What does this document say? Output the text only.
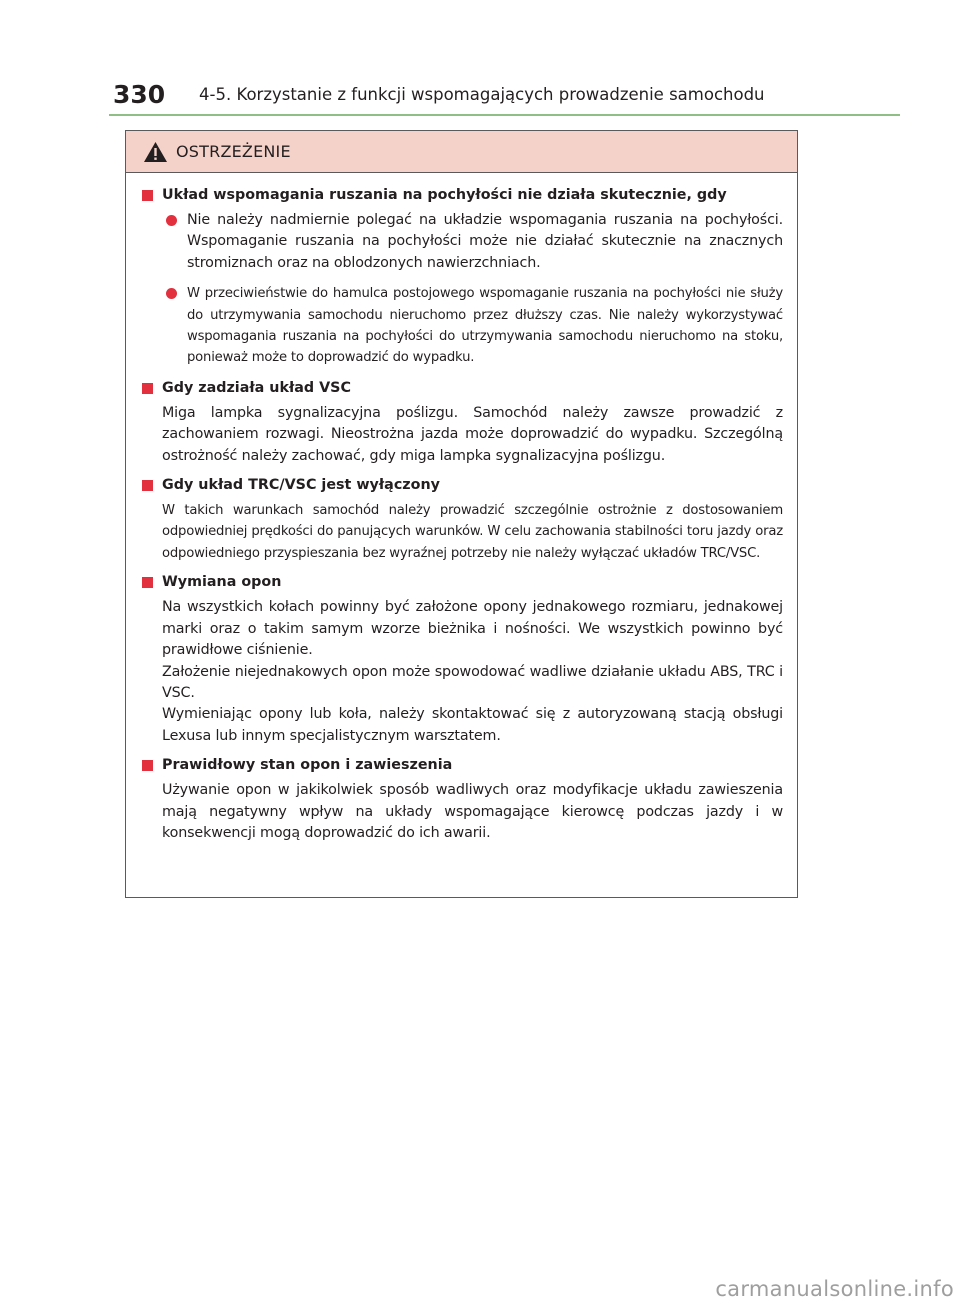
330 4-5. Korzystanie z funkcji wspomagających prowadzenie samochodu
OSTRZEŻENIE
Układ wspomagania ruszania na pochyłości nie działa skutecznie, gdy
Nie należy nadmiernie polegać na układzie wspomagania ruszania na pochyłości. Wspomaganie ruszania na pochyłości może nie działać skutecznie na znacznych stromiznach oraz na oblodzonych nawierzchniach.
W przeciwieństwie do hamulca postojowego wspomaganie ruszania na pochyłości nie służy do utrzymywania samochodu nieruchomo przez dłuższy czas. Nie należy wykorzystywać wspomagania ruszania na pochyłości do utrzymywania samochodu nieruchomo na stoku, ponieważ może to doprowadzić do wypadku.
Gdy zadziała układ VSC
Miga lampka sygnalizacyjna poślizgu. Samochód należy zawsze prowadzić z zachowaniem rozwagi. Nieostrożna jazda może doprowadzić do wypadku. Szczególną ostrożność należy zachować, gdy miga lampka sygnalizacyjna poślizgu.
Gdy układ TRC/VSC jest wyłączony
W takich warunkach samochód należy prowadzić szczególnie ostrożnie z dostosowaniem odpowiedniej prędkości do panujących warunków. W celu zachowania stabilności toru jazdy oraz odpowiedniego przyspieszania bez wyraźnej potrzeby nie należy wyłączać układów TRC/VSC.
Wymiana opon
Na wszystkich kołach powinny być założone opony jednakowego rozmiaru, jednakowej marki oraz o takim samym wzorze bieżnika i nośności. We wszystkich powinno być prawidłowe ciśnienie.
Założenie niejednakowych opon może spowodować wadliwe działanie układu ABS, TRC i VSC.
Wymieniając opony lub koła, należy skontaktować się z autoryzowaną stacją obsługi Lexusa lub innym specjalistycznym warsztatem.
Prawidłowy stan opon i zawieszenia
Używanie opon w jakikolwiek sposób wadliwych oraz modyfikacje układu zawieszenia mają negatywny wpływ na układy wspomagające kierowcę podczas jazdy i w konsekwencji mogą doprowadzić do ich awarii.
carmanualsonline.info
